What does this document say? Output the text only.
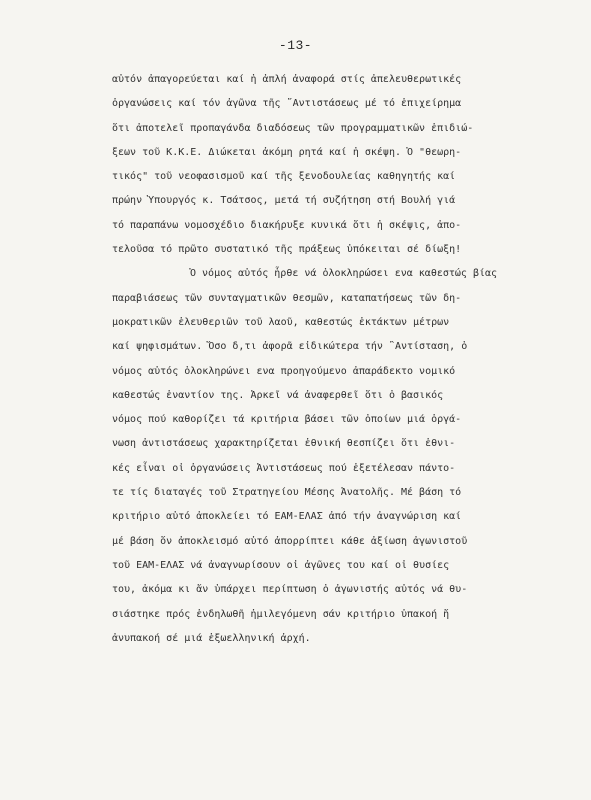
-13-
αὐτόν ἀπαγορεύεται καί ἡ ἁπλή ἀναφορά στίς ἀπελευθερωτικές
ὀργανώσεις καί τόν ἀγῶνα τῆς ῎Αντιστάσεως μέ τό ἐπιχείρημα
ὅτι ἀποτελεῖ προπαγάνδα διαδόσεως τῶν προγραμματικῶν ἐπιδιώ-
ξεων τοῦ Κ.Κ.Ε. Διώκεται ἀκόμη ρητά καί ἡ σκέψη. Ὁ "θεωρη-
τικός" τοῦ νεοφασισμοῦ καί τῆς ξενοδουλείας καθηγητής καί
πρώην Ὑπουργός κ. Τσάτσος, μετά τή συζήτηση στή Βουλή γιά
τό παραπάνω νομοσχέδιο διακήρυξε κυνικά ὅτι ἡ σκέψις, ἀπο-
τελοῦσα τό πρῶτο συστατικό τῆς πράξεως ὑπόκειται σέ δίωξη!
Ὁ νόμος αὐτός ἦρθε νά ὁλοκληρώσει ενα καθεστώς βίας
παραβιάσεως τῶν συνταγματικῶν θεσμῶν, καταπατήσεως τῶν δη-
μοκρατικῶν ἐλευθεριῶν τοῦ λαοῦ, καθεστώς ἐκτάκτων μέτρων
καί ψηφισμάτων. Ὅσο δ,τι ἀφορᾶ εἰδικώτερα τήν ῍Αντίσταση, ὁ
νόμος αὐτός ὁλοκληρώνει ενα προηγούμενο ἀπαράδεκτο νομικό
καθεστώς ἐναντίον της. Ἀρκεῖ νά ἀναφερθεῖ ὅτι ὁ βασικός
νόμος πού καθορίζει τά κριτήρια βάσει τῶν ὁποίων μιά ὀργά-
νωση ἀντιστάσεως χαρακτηρίζεται ἐθνική θεσπίζει ὅτι ἐθνι-
κές εἶναι οἱ ὀργανώσεις Ἀντιστάσεως πού ἐξετέλεσαν πάντο-
τε τίς διαταγές τοῦ Στρατηγείου Μέσης Ἀνατολῆς. Μέ βάση τό
κριτήριο αὐτό ἀποκλείει τό ΕΑΜ-ΕΛΑΣ ἀπό τήν ἀναγνώριση καί
μέ βάση ὅν ἀποκλεισμό αὐτό ἀπορρίπτει κάθε ἀξίωση ἀγωνιστοῦ
τοῦ ΕΑΜ-ΕΛΑΣ νά ἀναγνωρίσουν οἱ ἀγῶνες του καί οἱ θυσίες
του, ἀκόμα κι ἄν ὑπάρχει περίπτωση ὁ ἀγωνιστής αὐτός νά θυ-
σιάστηκε πρός ἐνδηλωθῆ ἠμιλεγόμενη σάν κριτήριο ὑπακοή ἤ
ἀνυπακοή σέ μιά ἐξωελληνική ἀρχή.
